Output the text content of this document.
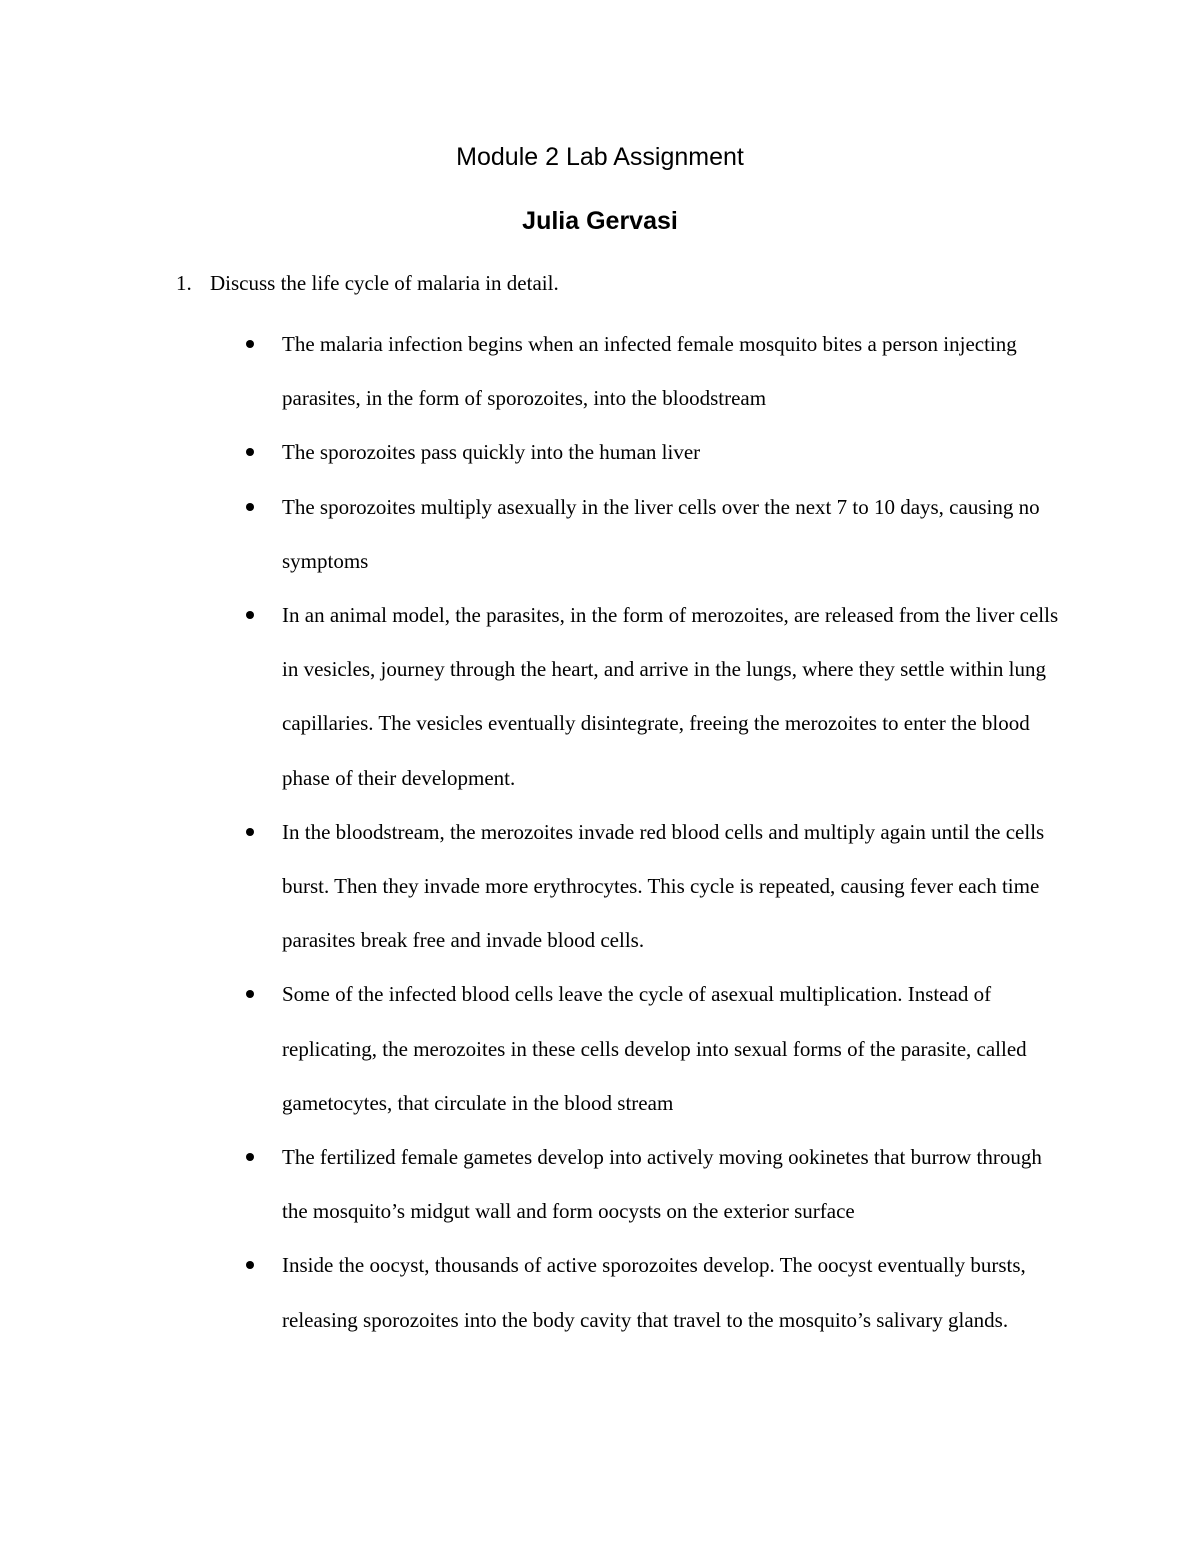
Module 2 Lab Assignment
Julia Gervasi
1. Discuss the life cycle of malaria in detail.
The malaria infection begins when an infected female mosquito bites a person injecting parasites, in the form of sporozoites, into the bloodstream
The sporozoites pass quickly into the human liver
The sporozoites multiply asexually in the liver cells over the next 7 to 10 days, causing no symptoms
In an animal model, the parasites, in the form of merozoites, are released from the liver cells in vesicles, journey through the heart, and arrive in the lungs, where they settle within lung capillaries. The vesicles eventually disintegrate, freeing the merozoites to enter the blood phase of their development.
In the bloodstream, the merozoites invade red blood cells and multiply again until the cells burst. Then they invade more erythrocytes. This cycle is repeated, causing fever each time parasites break free and invade blood cells.
Some of the infected blood cells leave the cycle of asexual multiplication. Instead of replicating, the merozoites in these cells develop into sexual forms of the parasite, called gametocytes, that circulate in the blood stream
The fertilized female gametes develop into actively moving ookinetes that burrow through the mosquito’s midgut wall and form oocysts on the exterior surface
Inside the oocyst, thousands of active sporozoites develop. The oocyst eventually bursts, releasing sporozoites into the body cavity that travel to the mosquito’s salivary glands.
